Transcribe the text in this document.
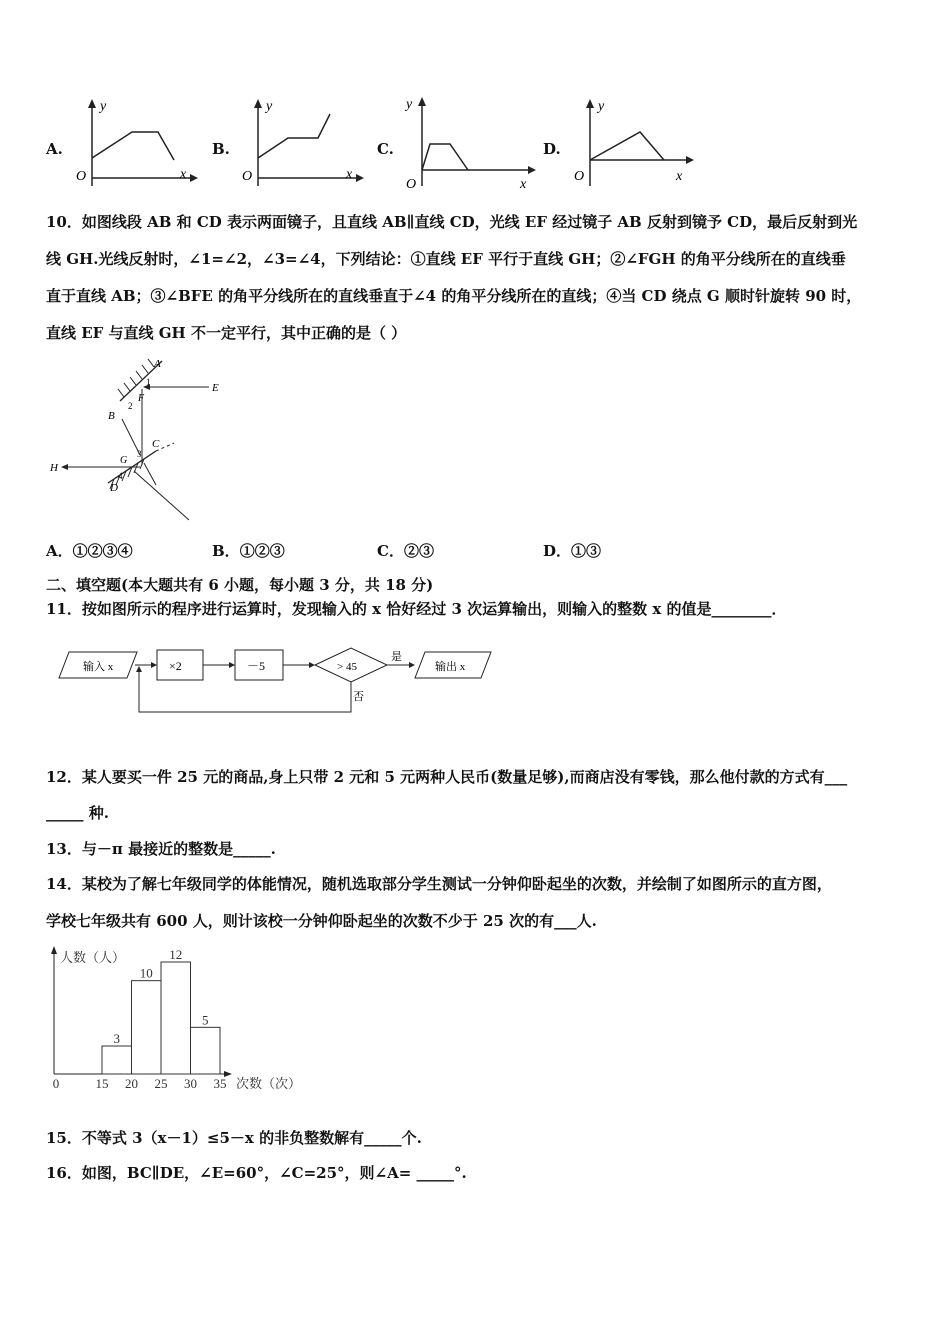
A.
y
x
O
B.
y
x
O
C.
y
x
O
D.
y
x
O
10．如图线段 AB 和 CD 表示两面镜子，且直线 AB∥直线 CD，光线 EF 经过镜子 AB 反射到镜予 CD，最后反射到光
线 GH.光线反射时，∠1=∠2，∠3=∠4，下列结论：①直线 EF 平行于直线 GH；②∠FGH 的角平分线所在的直线垂
直于直线 AB；③∠BFE 的角平分线所在的直线垂直于∠4 的角平分线所在的直线；④当 CD 绕点 G 顺时针旋转 90 时，
直线 EF 与直线 GH 不一定平行，其中正确的是（ ）
A
B
C
D
E
F
G
H
1
2
3
4
A．①②③④	B．①②③	C．②③	D．①③
二、填空题(本大题共有 6 小题，每小题 3 分，共 18 分)
11．按如图所示的程序进行运算时，发现输入的 x 恰好经过 3 次运算输出，则输入的整数 x 的值是________．
输入 x	×2	－5	> 45
是
输出 x
否
12．某人要买一件 25 元的商品,身上只带 2 元和 5 元两种人民币(数量足够),而商店没有零钱，那么他付款的方式有___
_____ 种.
13．与－π 最接近的整数是_____.
14．某校为了解七年级同学的体能情况，随机选取部分学生测试一分钟仰卧起坐的次数，并绘制了如图所示的直方图，
学校七年级共有 600 人，则计该校一分钟仰卧起坐的次数不少于 25 次的有___人.
人数（人）
次数（次）
3
10
12
5
0	15 20 25 30 35
15．不等式 3（x－1）≤5－x 的非负整数解有_____个.
16．如图，BC∥DE，∠E=60°，∠C=25°，则∠A= _____°.
